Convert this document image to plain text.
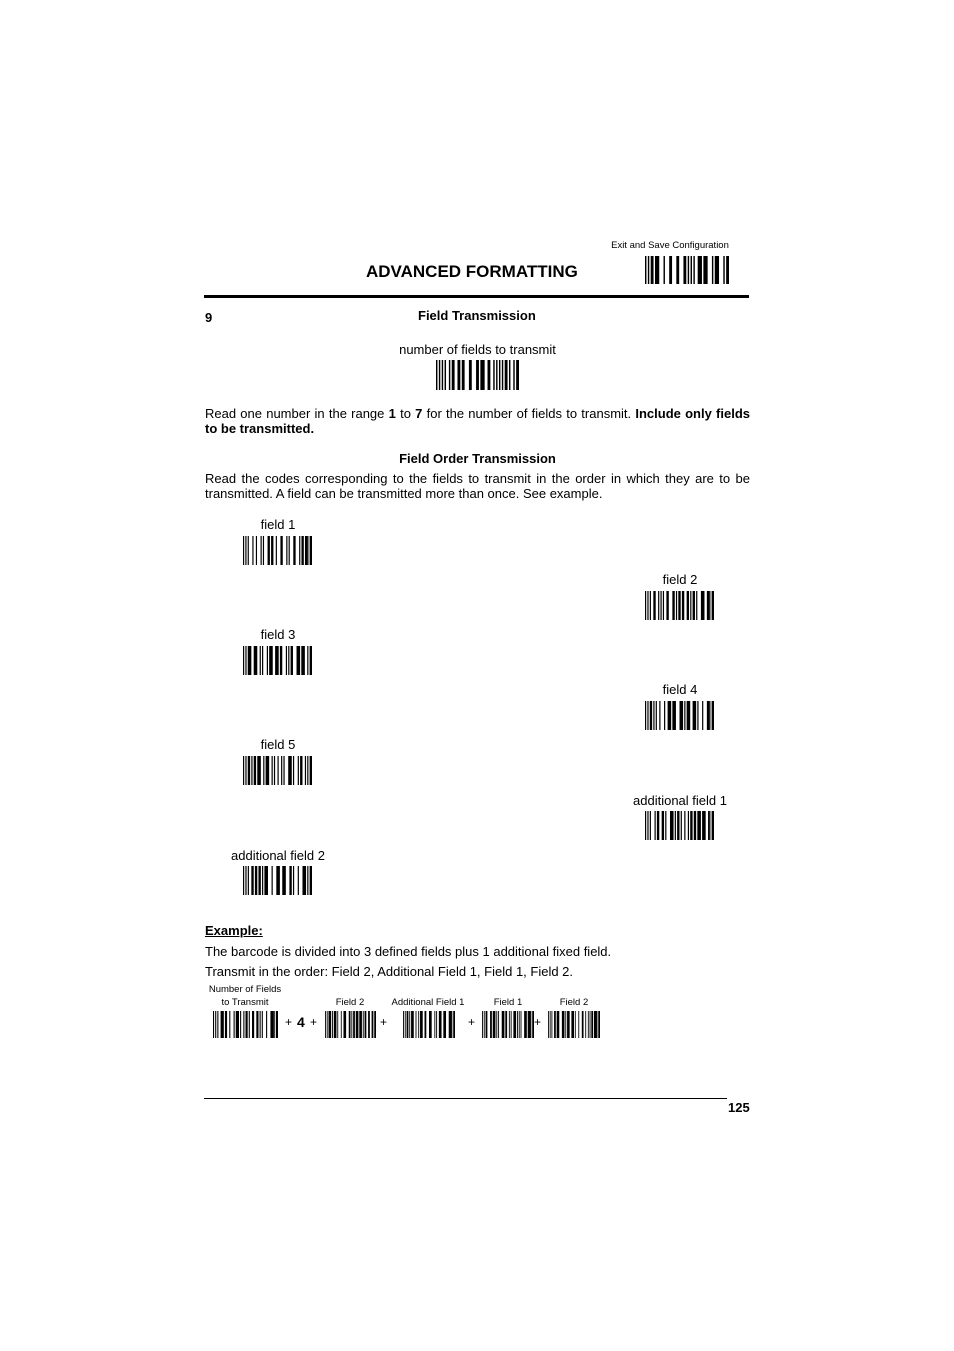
Exit and Save Configuration
ADVANCED FORMATTING
9	Field Transmission
number of fields to transmit
Read one number in the range 1 to 7 for the number of fields to transmit. Include only fields to be transmitted.
Field Order Transmission
Read the codes corresponding to the fields to transmit in the order in which they are to be transmitted. A field can be transmitted more than once. See example.
field 1
field 2
field 3
field 4
field 5
additional field 1
additional field 2
Example:
The barcode is divided into 3 defined fields plus 1 additional fixed field.
Transmit in the order: Field 2, Additional Field 1, Field 1, Field 2.
Number of Fields
to Transmit	Field 2	Additional Field 1	Field 1	Field 2
+ 4 +	+	+	+
125
